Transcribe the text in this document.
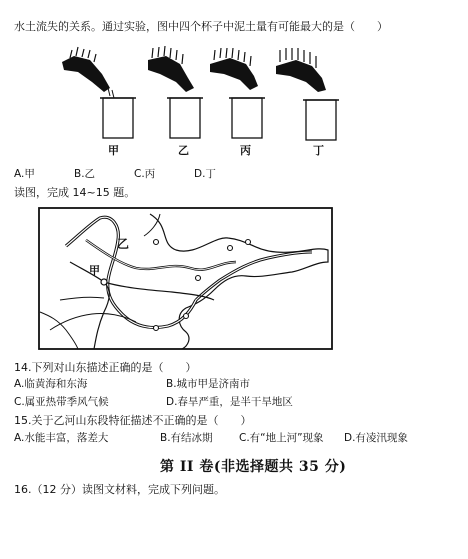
水土流失的关系。通过实验，图中四个杯子中泥土量有可能最大的是（　　）
甲	乙	丙	丁
A.甲	B.乙	C.丙	D.丁
读图，完成 14~15 题。
乙
甲
14.下列对山东描述正确的是（　　）
A.临黄海和东海	B.城市甲是济南市
C.属亚热带季风气候	D.春旱严重，是半干旱地区
15.关于乙河山东段特征描述不正确的是（　　）
A.水能丰富，落差大	B.有结冰期	C.有“地上河”现象 D.有凌汛现象
第 II 卷(非选择题共 35 分)
16.（12 分）读图文材料，完成下列问题。
